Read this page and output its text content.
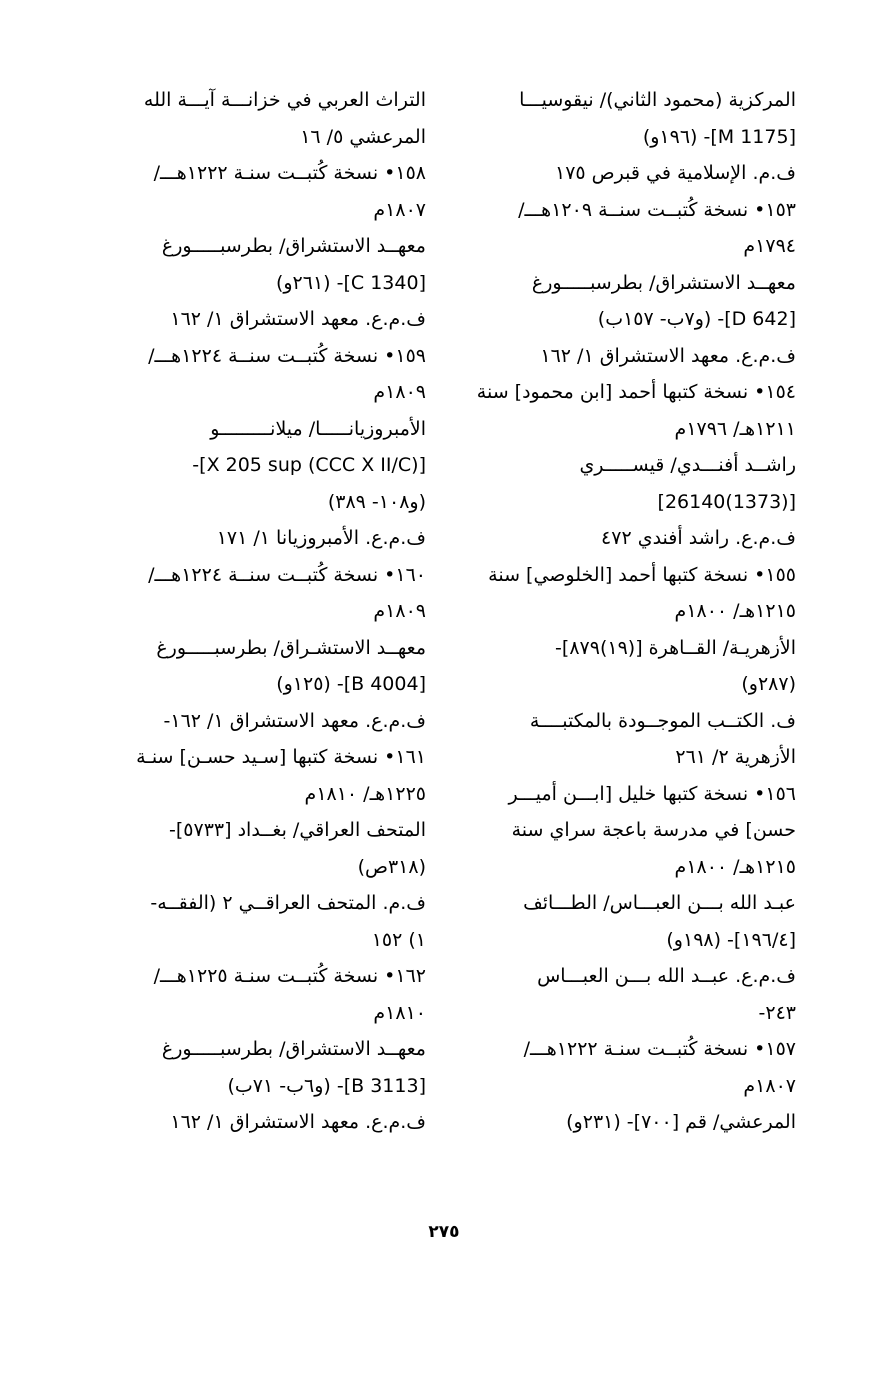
المركزية (محمود الثاني)/ نيقوسيـــا
[M 1175]- (١٩٦و)
ف.م. الإسلامية في قبرص ١٧٥
١٥٣• نسخة كُتبــت سنــة ١٢٠٩هـــ/
١٧٩٤م
معهــد الاستشراق/ بطرسبـــــورغ
[D 642]- (و٧ب- ١٥٧ب)
ف.م.ع. معهد الاستشراق ١/ ١٦٢
١٥٤• نسخة كتبها أحمد [ابن محمود] سنة
١٢١١هـ/ ١٧٩٦م
راشــد أفنـــدي/ قيســـــري
[(1373)26140]
ف.م.ع. راشد أفندي ٤٧٢
١٥٥• نسخة كتبها أحمد [الخلوصي] سنة
١٢١٥هـ/ ١٨٠٠م
الأزهريـة/ القــاهرة [(١٩)٨٧٩]-
(٢٨٧و)
ف. الكتــب الموجــودة بالمكتبــــة
الأزهرية ٢/ ٢٦١
١٥٦• نسخة كتبها خليل [ابـــن أميـــر
حسن] في مدرسة باعجة سراي سنة
١٢١٥هـ/ ١٨٠٠م
عبـد الله بـــن العبـــاس/ الطـــائف
[١٩٦/٤]- (١٩٨و)
ف.م.ع. عبــد الله بـــن العبـــاس
٢٤٣-
١٥٧• نسخة كُتبــت سنـة ١٢٢٢هـــ/
١٨٠٧م
المرعشي/ قم [٧٠٠]- (٢٣١و)
التراث العربي في خزانـــة آيـــة الله
المرعشي ٥/ ١٦
١٥٨• نسخة كُتبــت سنـة ١٢٢٢هـــ/
١٨٠٧م
معهــد الاستشراق/ بطرسبـــــورغ
[C 1340]- (٢٦١و)
ف.م.ع. معهد الاستشراق ١/ ١٦٢
١٥٩• نسخة كُتبــت سنــة ١٢٢٤هـــ/
١٨٠٩م
الأمبروزيانـــــا/ ميلانـــــــــو
[(CCC X II/C) X 205 sup]-
(و١٠٨- ٣٨٩)
ف.م.ع. الأمبروزيانا ١/ ١٧١
١٦٠• نسخة كُتبــت سنــة ١٢٢٤هـــ/
١٨٠٩م
معهــد الاستشـراق/ بطرسبـــــورغ
[B 4004]- (١٢٥و)
ف.م.ع. معهد الاستشراق ١/ ١٦٢-
١٦١• نسخة كتبها [سـيد حسـن] سنـة
١٢٢٥هـ/ ١٨١٠م
المتحف العراقي/ بغــداد [٥٧٣٣]-
(٣١٨ص)
ف.م. المتحف العراقــي ٢ (الفقــه-
١) ١٥٢
١٦٢• نسخة كُتبــت سنـة ١٢٢٥هـــ/
١٨١٠م
معهــد الاستشراق/ بطرسبـــــورغ
[B 3113]- (و٦ب- ٧١ب)
ف.م.ع. معهد الاستشراق ١/ ١٦٢
٢٧٥
